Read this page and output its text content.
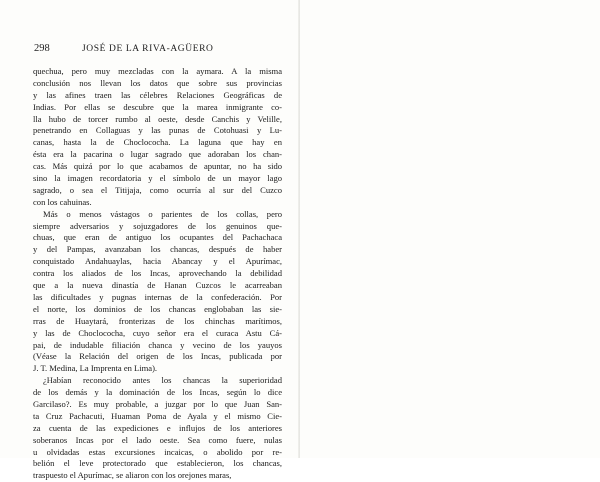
298	JOSÉ DE LA RIVA-AGÜERO
quechua, pero muy mezcladas con la aymara. A la misma
conclusión nos llevan los datos que sobre sus provincias
y las afines traen las célebres Relaciones Geográficas de
Indias. Por ellas se descubre que la marea inmigrante co-
lla hubo de torcer rumbo al oeste, desde Canchis y Velille,
penetrando en Collaguas y las punas de Cotohuasi y Lu-
canas, hasta la de Choclococha. La laguna que hay en
ésta era la pacarina o lugar sagrado que adoraban los chan-
cas. Más quizá por lo que acabamos de apuntar, no ha sido
sino la imagen recordatoria y el símbolo de un mayor lago
sagrado, o sea el Titijaja, como ocurría al sur del Cuzco
con los cahuinas.
Más o menos vástagos o parientes de los collas, pero
siempre adversarios y sojuzgadores de los genuinos que-
chuas, que eran de antiguo los ocupantes del Pachachaca
y del Pampas, avanzaban los chancas, después de haber
conquistado Andahuaylas, hacia Abancay y el Apurímac,
contra los aliados de los Incas, aprovechando la debilidad
que a la nueva dinastía de Hanan Cuzcos le acarreaban
las dificultades y pugnas internas de la confederación. Por
el norte, los dominios de los chancas englobaban las sie-
rras de Huaytará, fronterizas de los chinchas marítimos,
y las de Choclococha, cuyo señor era el curaca Astu Cá-
pai, de indudable filiación chanca y vecino de los yauyos
(Véase la Relación del origen de los Incas, publicada por
J. T. Medina, La Imprenta en Lima).
¿Habían reconocido antes los chancas la superioridad
de los demás y la dominación de los Incas, según lo dice
Garcilaso?. Es muy probable, a juzgar por lo que Juan San-
ta Cruz Pachacuti, Huaman Poma de Ayala y el mismo Cie-
za cuenta de las expediciones e influjos de los anteriores
soberanos Incas por el lado oeste. Sea como fuere, nulas
u olvidadas estas excursiones incaicas, o abolido por re-
belión el leve protectorado que establecieron, los chancas,
traspuesto el Apurímac, se aliaron con los orejones maras,
